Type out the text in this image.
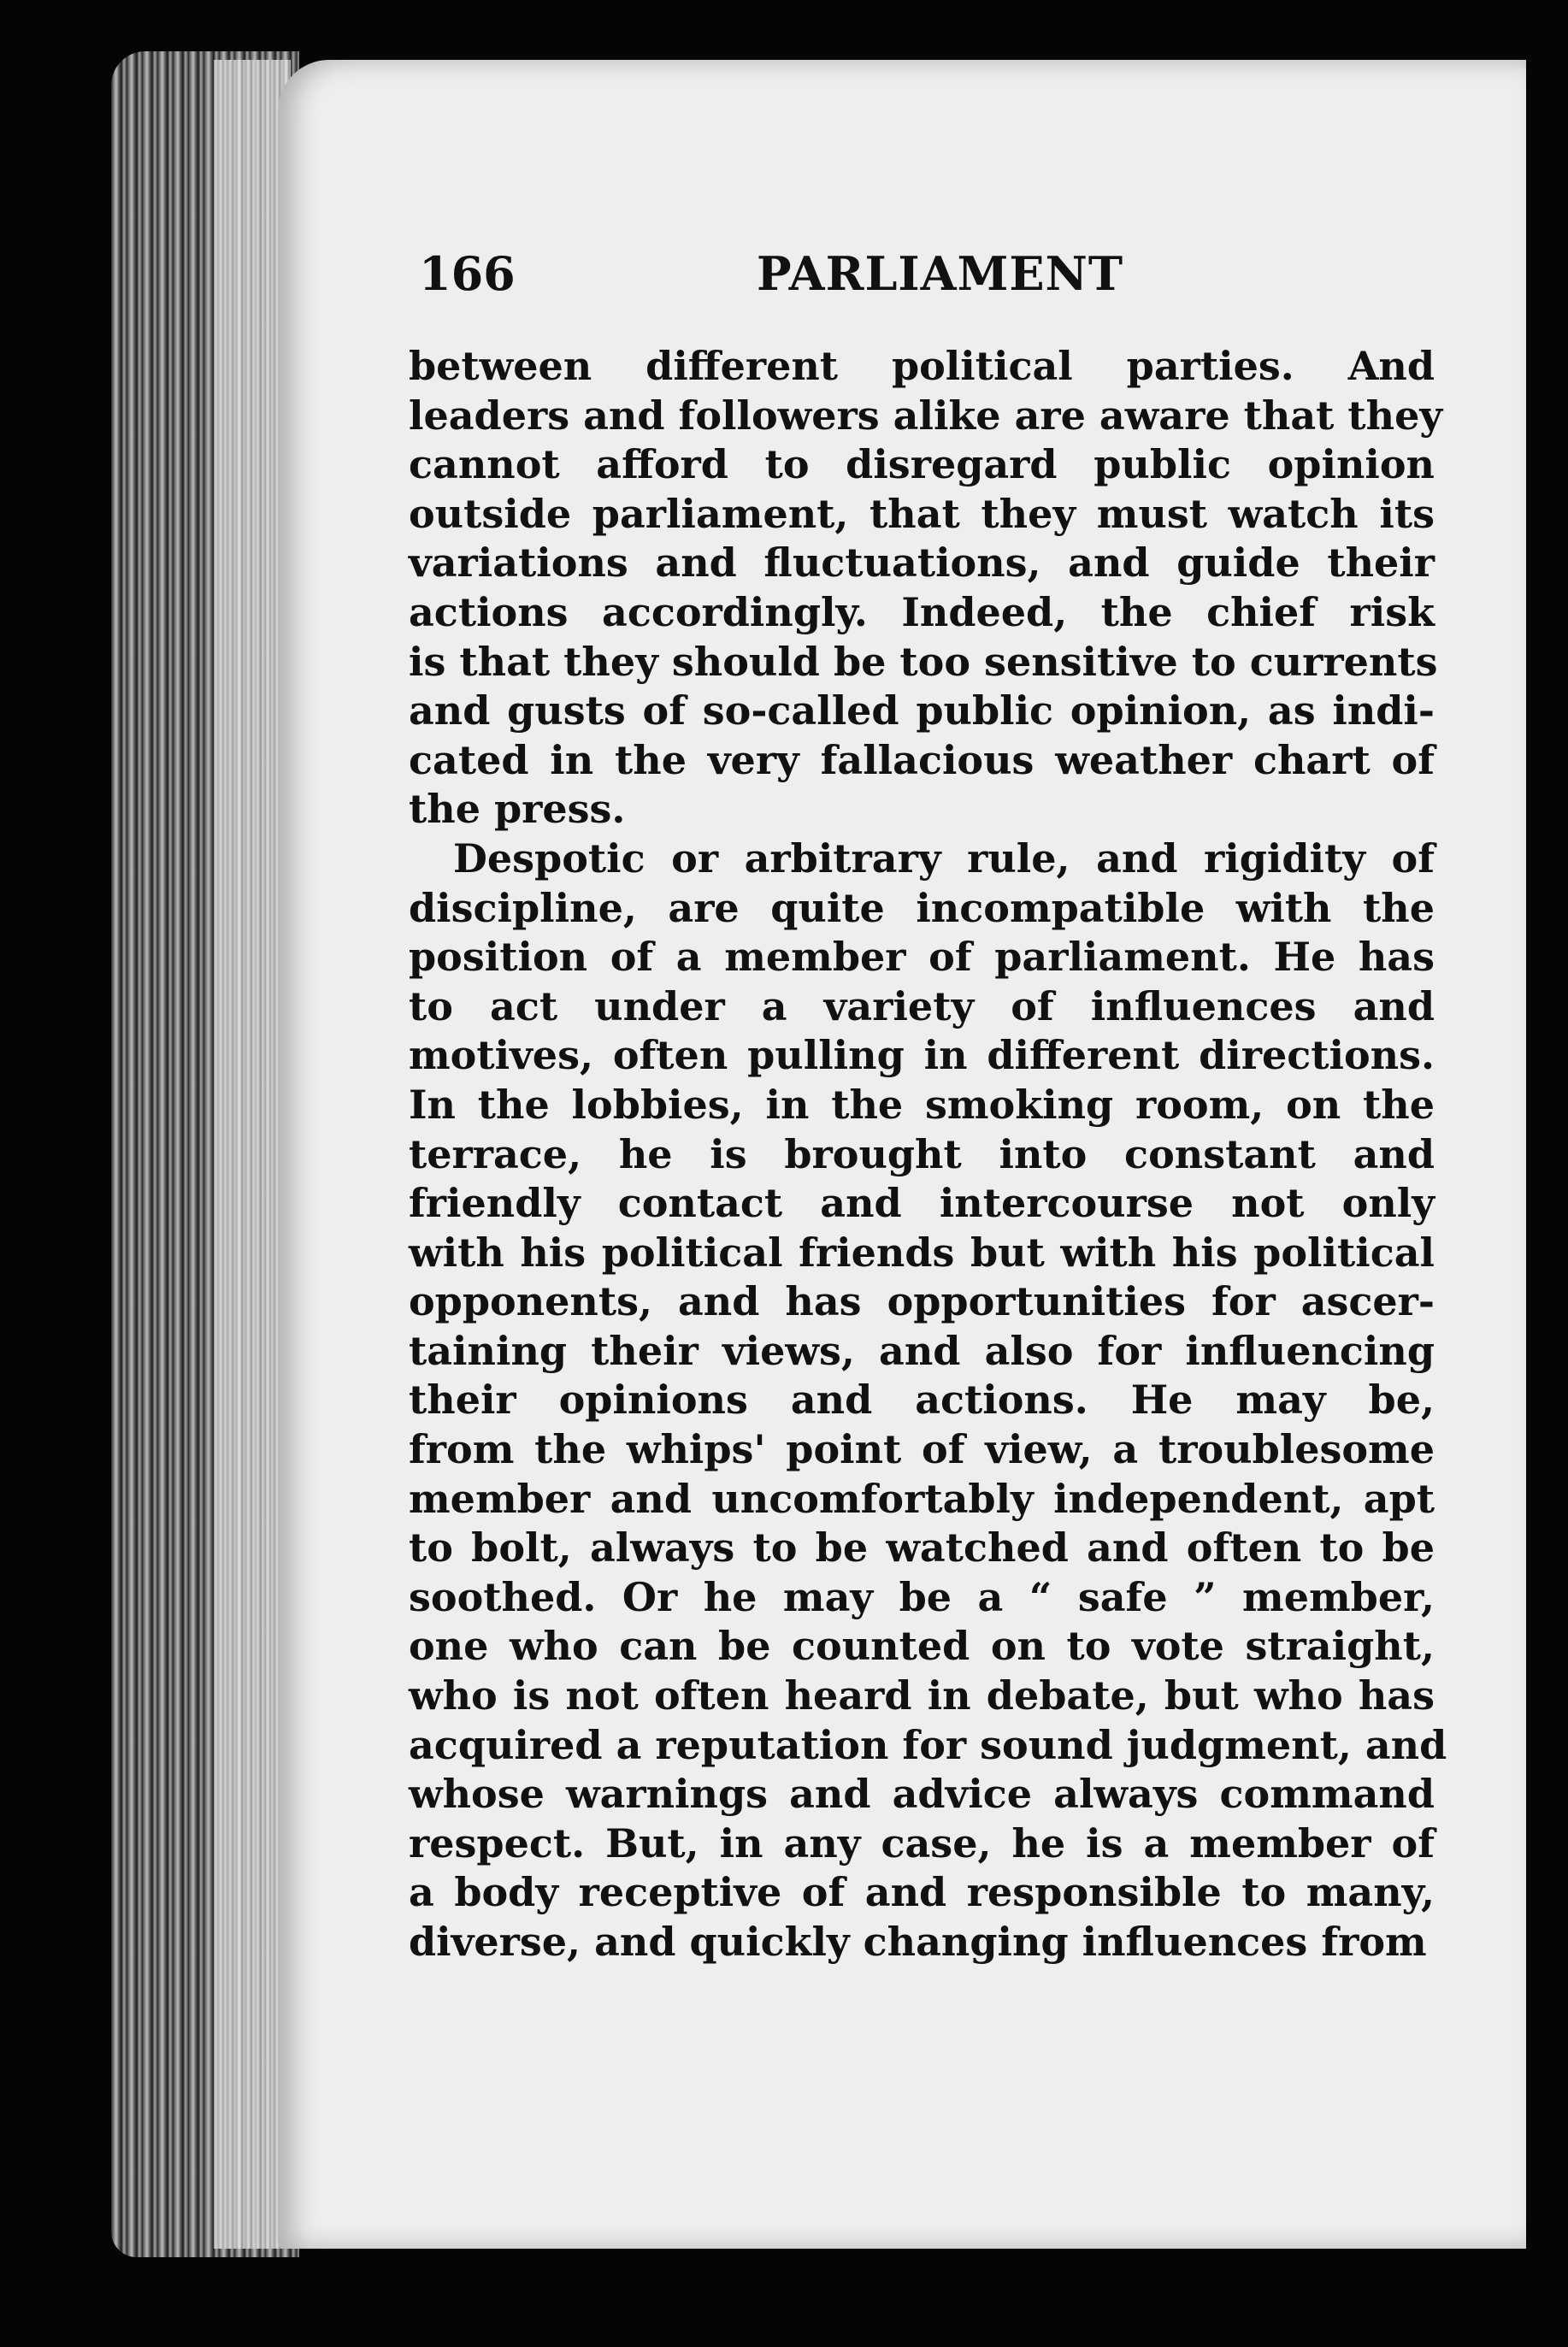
166	PARLIAMENT
between different political parties. And
leaders and followers alike are aware that they
cannot afford to disregard public opinion
outside parliament, that they must watch its
variations and fluctuations, and guide their
actions accordingly. Indeed, the chief risk
is that they should be too sensitive to currents
and gusts of so-called public opinion, as indi-
cated in the very fallacious weather chart of
the press.
Despotic or arbitrary rule, and rigidity of
discipline, are quite incompatible with the
position of a member of parliament. He has
to act under a variety of influences and
motives, often pulling in different directions.
In the lobbies, in the smoking room, on the
terrace, he is brought into constant and
friendly contact and intercourse not only
with his political friends but with his political
opponents, and has opportunities for ascer-
taining their views, and also for influencing
their opinions and actions. He may be,
from the whips' point of view, a troublesome
member and uncomfortably independent, apt
to bolt, always to be watched and often to be
soothed. Or he may be a “ safe ” member,
one who can be counted on to vote straight,
who is not often heard in debate, but who has
acquired a reputation for sound judgment, and
whose warnings and advice always command
respect. But, in any case, he is a member of
a body receptive of and responsible to many,
diverse, and quickly changing influences from
